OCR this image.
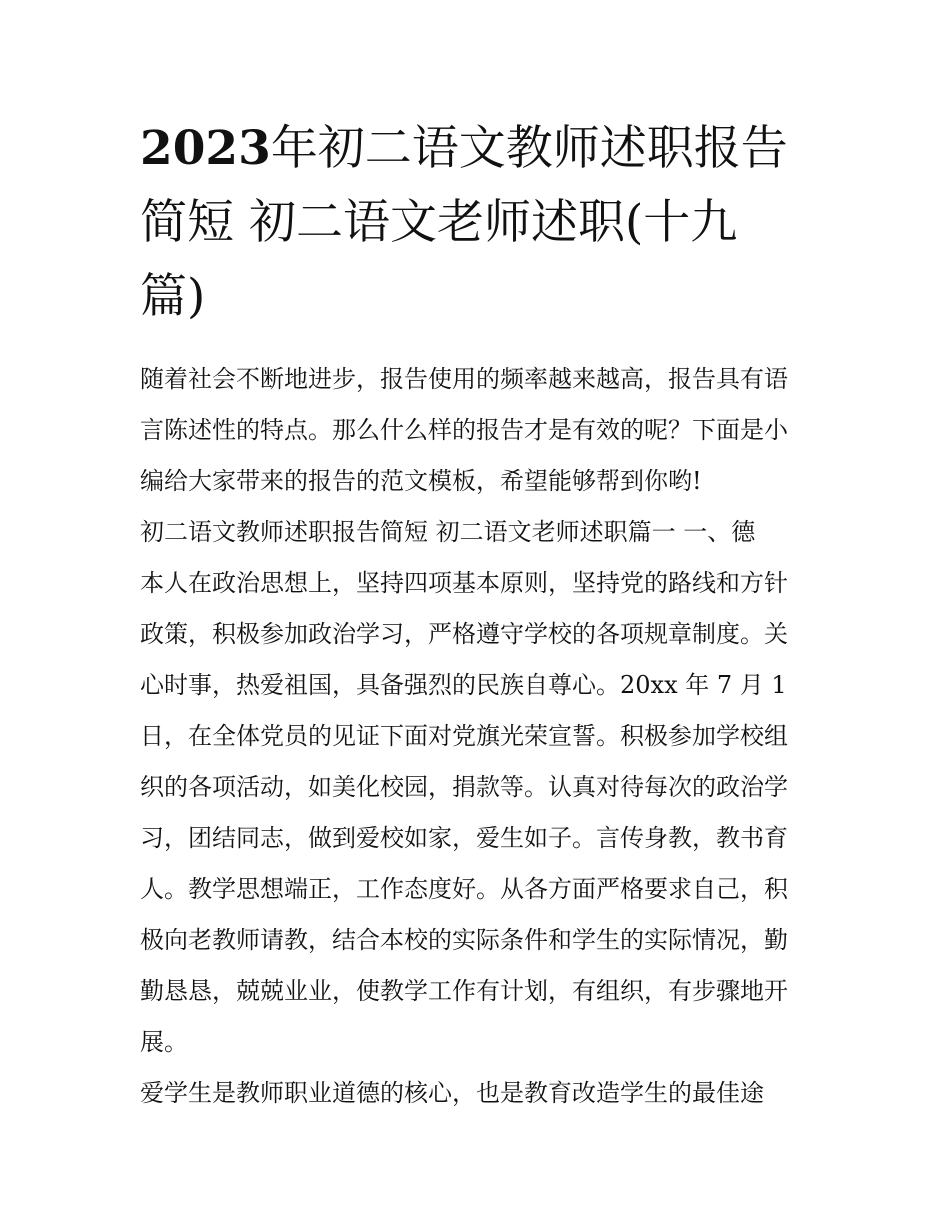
2023年初二语文教师述职报告
简短 初二语文老师述职(十九
篇)
随着社会不断地进步，报告使用的频率越来越高，报告具有语
言陈述性的特点。那么什么样的报告才是有效的呢？下面是小
编给大家带来的报告的范文模板，希望能够帮到你哟!
初二语文教师述职报告简短 初二语文老师述职篇一 一、德
本人在政治思想上，坚持四项基本原则，坚持党的路线和方针
政策，积极参加政治学习，严格遵守学校的各项规章制度。关
心时事，热爱祖国，具备强烈的民族自尊心。20xx 年 7 月 1
日，在全体党员的见证下面对党旗光荣宣誓。积极参加学校组
织的各项活动，如美化校园，捐款等。认真对待每次的政治学
习，团结同志，做到爱校如家，爱生如子。言传身教，教书育
人。教学思想端正，工作态度好。从各方面严格要求自己，积
极向老教师请教，结合本校的实际条件和学生的实际情况，勤
勤恳恳，兢兢业业，使教学工作有计划，有组织，有步骤地开
展。
爱学生是教师职业道德的核心，也是教育改造学生的最佳途
